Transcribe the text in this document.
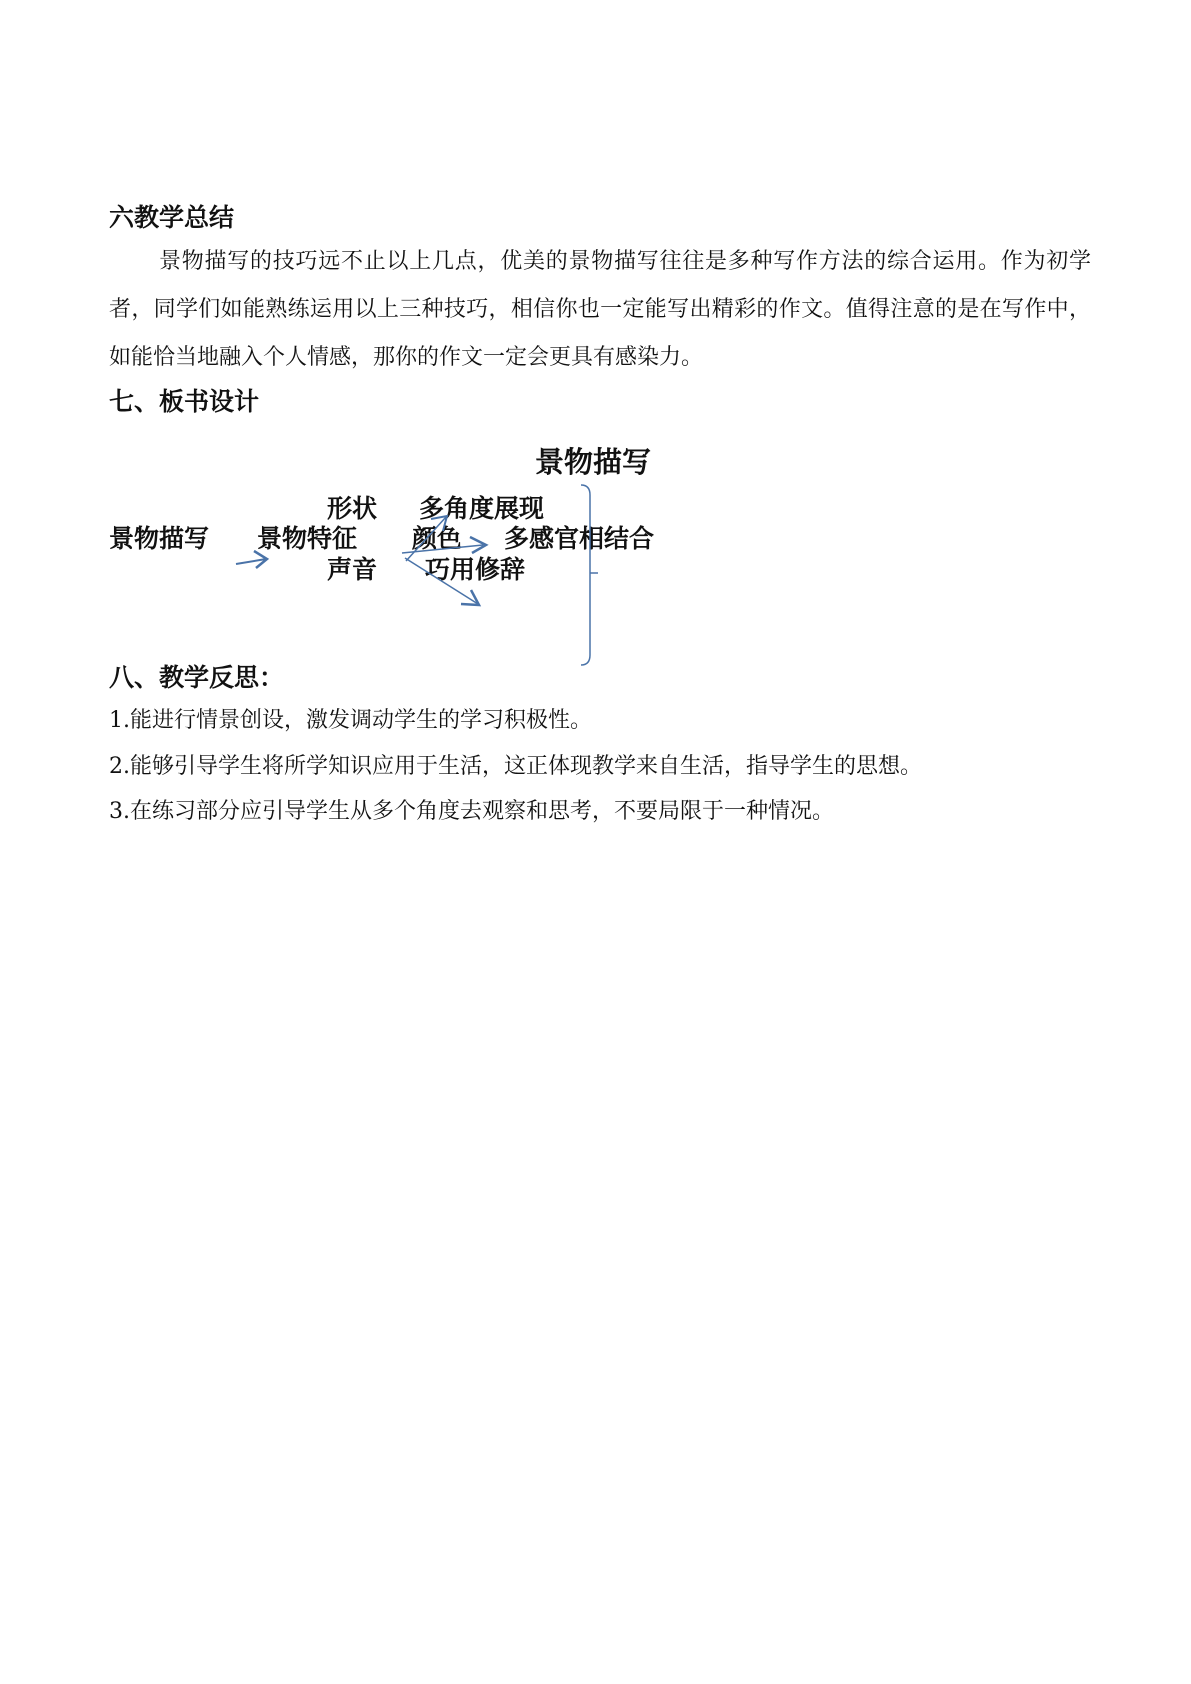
六教学总结

景物描写的技巧远不止以上几点，优美的景物描写往往是多种写作方法的综合运用。作为初学者，同学们如能熟练运用以上三种技巧，相信你也一定能写出精彩的作文。值得注意的是在写作中，如能恰当地融入个人情感，那你的作文一定会更具有感染力。

七、板书设计
景物描写
景物描写 景物特征
形状
颜色
声音
多角度展现
多感官相结合
巧用修辞
八、教学反思：
1.能进行情景创设，激发调动学生的学习积极性。
2.能够引导学生将所学知识应用于生活，这正体现教学来自生活，指导学生的思想。
3.在练习部分应引导学生从多个角度去观察和思考，不要局限于一种情况。
